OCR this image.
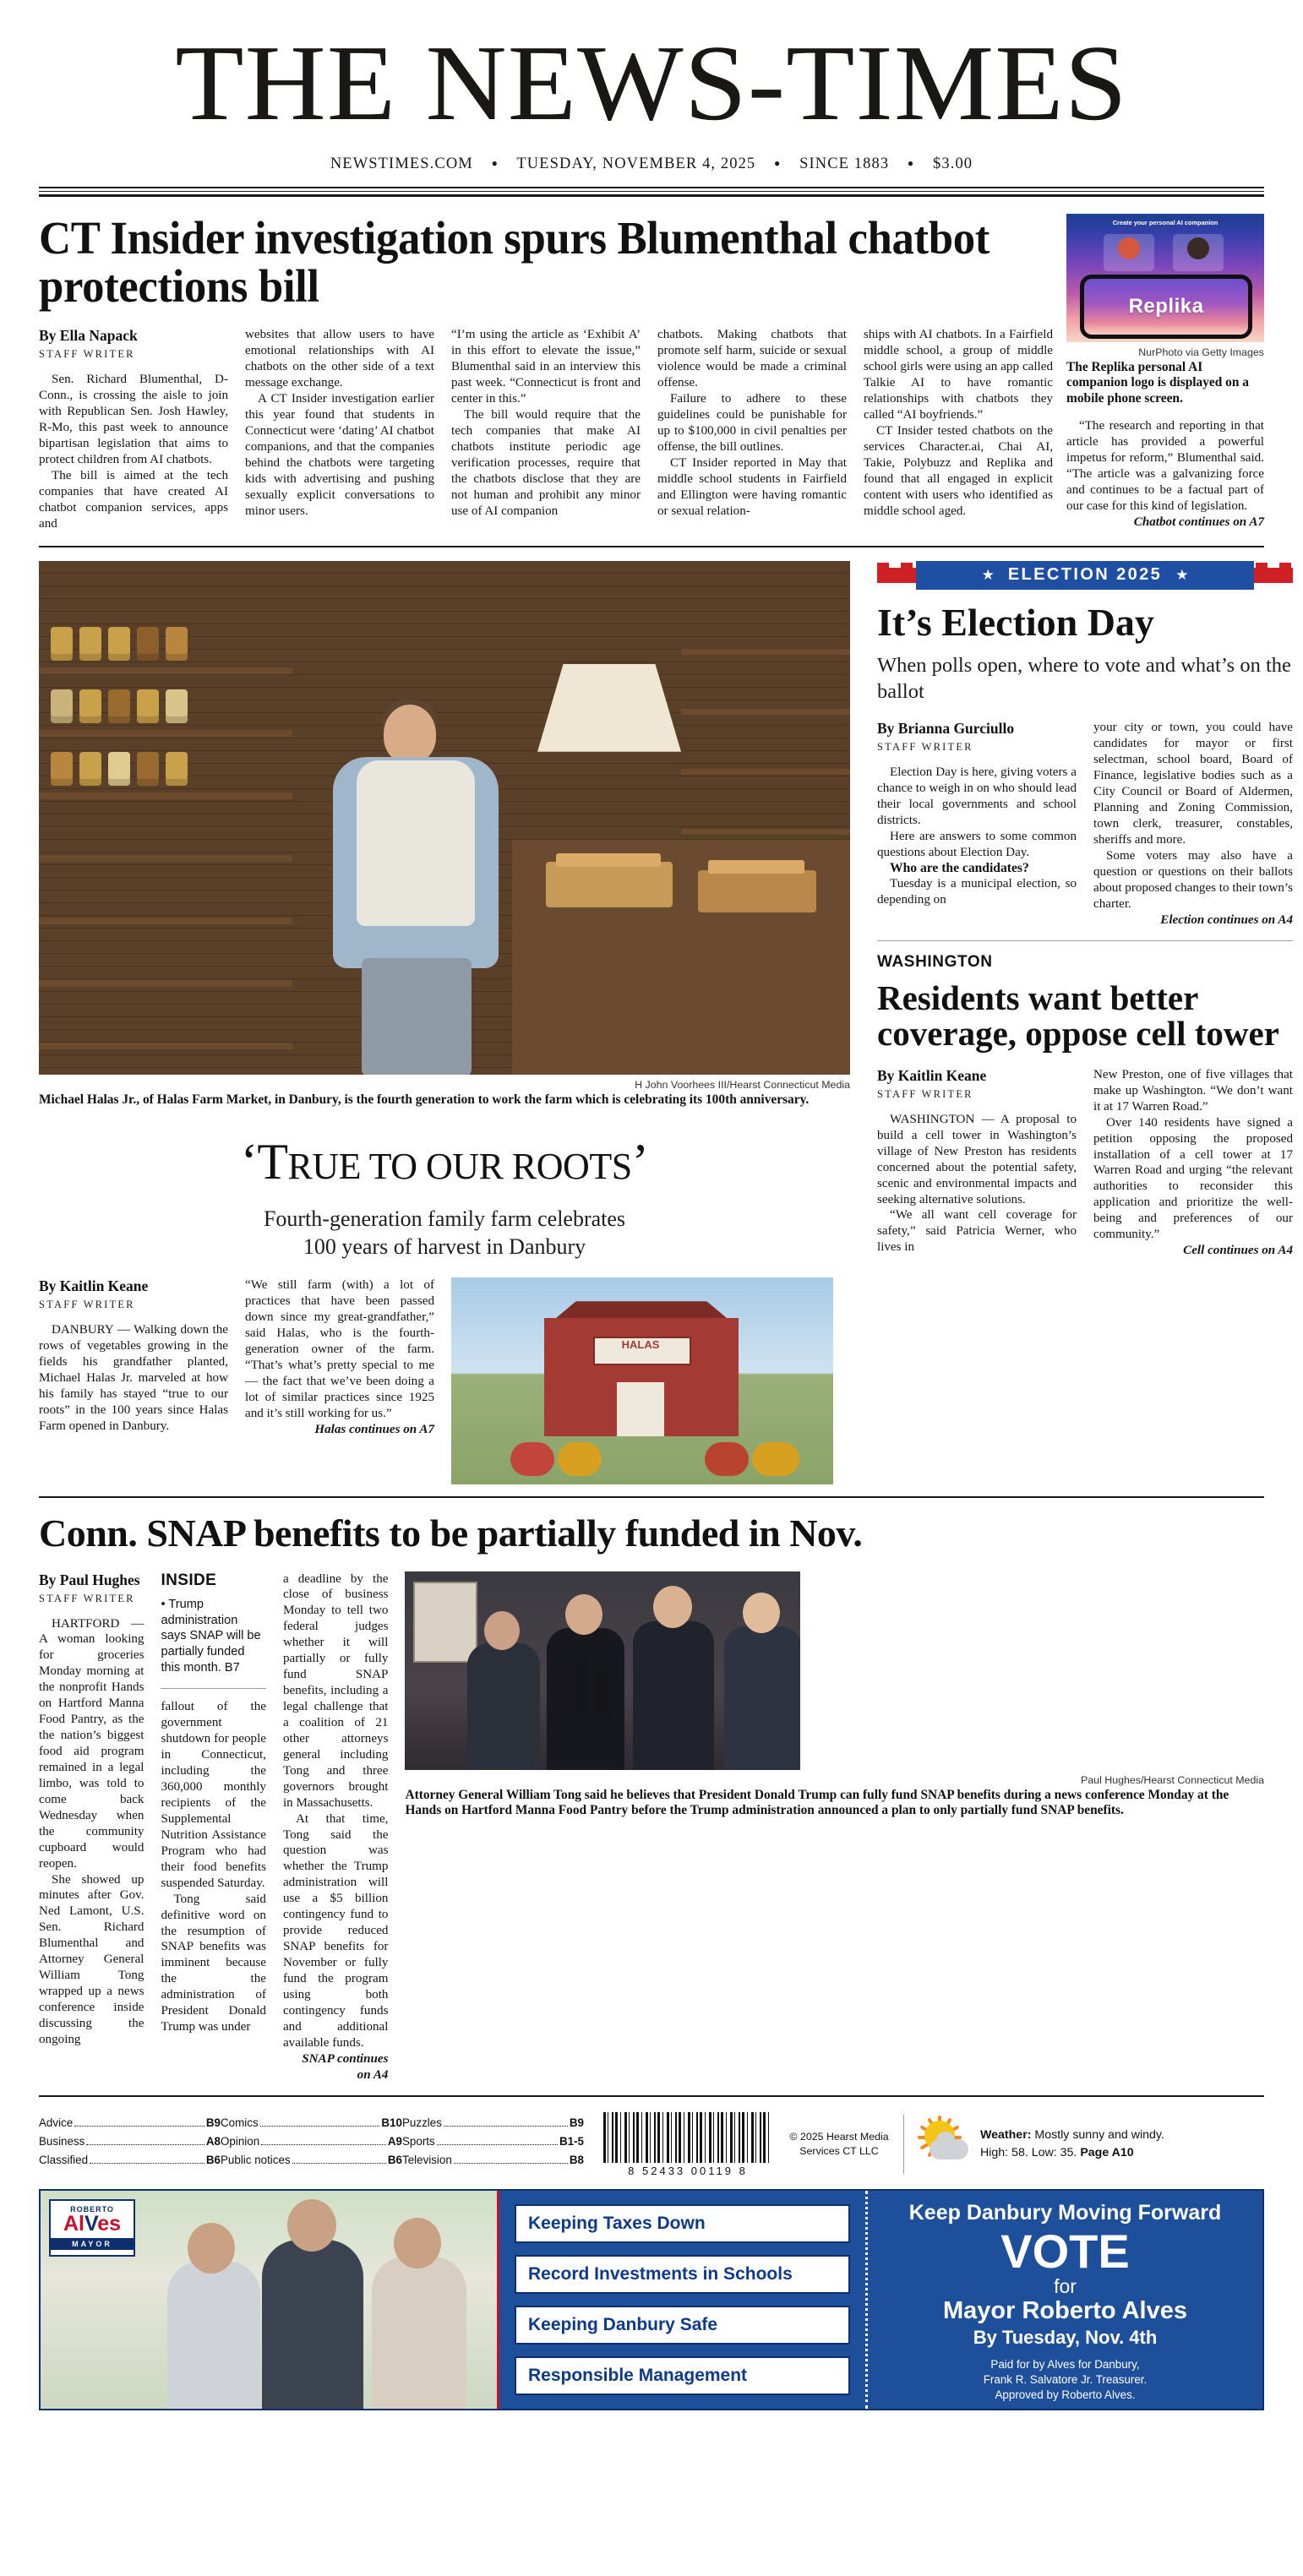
THE NEWS-TIMES
NEWSTIMES.COM ● TUESDAY, NOVEMBER 4, 2025 ● SINCE 1883 ● $3.00
CT Insider investigation spurs Blumenthal chatbot protections bill
By Ella Napack
STAFF WRITER

Sen. Richard Blumenthal, D-Conn., is crossing the aisle to join with Republican Sen. Josh Hawley, R-Mo, this past week to announce bipartisan legislation that aims to protect children from AI chatbots.

The bill is aimed at the tech companies that have created AI chatbot companion services, apps and

websites that allow users to have emotional relationships with AI chatbots on the other side of a text message exchange.

A CT Insider investigation earlier this year found that students in Connecticut were ‘dating’ AI chatbot companions, and that the companies behind the chatbots were targeting kids with advertising and pushing sexually explicit conversations to minor users.

“I’m using the article as ‘Exhibit A’ in this effort to elevate the issue,” Blumenthal said in an interview this past week. “Connecticut is front and center in this.”

The bill would require that the tech companies that make AI chatbots institute periodic age verification processes, require that the chatbots disclose that they are not human and prohibit any minor use of AI companion

chatbots. Making chatbots that promote self harm, suicide or sexual violence would be made a criminal offense.

Failure to adhere to these guidelines could be punishable for up to $100,000 in civil penalties per offense, the bill outlines.

CT Insider reported in May that middle school students in Fairfield and Ellington were having romantic or sexual relation-

ships with AI chatbots. In a Fairfield middle school, a group of middle school girls were using an app called Talkie AI to have romantic relationships with chatbots they called “AI boyfriends.”

CT Insider tested chatbots on the services Character.ai, Chai AI, Takie, Polybuzz and Replika and found that all engaged in explicit content with users who identified as middle school aged.

Create your personal AI companion
Replika
NurPhoto via Getty Images
The Replika personal AI companion logo is displayed on a mobile phone screen.

“The research and reporting in that article has provided a powerful impetus for reform,” Blumenthal said. “The article was a galvanizing force and continues to be a factual part of our case for this kind of legislation.

Chatbot continues on A7

H John Voorhees III/Hearst Connecticut Media
Michael Halas Jr., of Halas Farm Market, in Danbury, is the fourth generation to work the farm which is celebrating its 100th anniversary.
‘TRUE TO OUR ROOTS’
Fourth-generation family farm celebrates
100 years of harvest in Danbury
By Kaitlin Keane
STAFF WRITER

DANBURY — Walking down the rows of vegetables growing in the fields his grandfather planted, Michael Halas Jr. marveled at how his family has stayed “true to our roots” in the 100 years since Halas Farm opened in Danbury.

“We still farm (with) a lot of practices that have been passed down since my great-grandfather,” said Halas, who is the fourth-generation owner of the farm. “That’s what’s pretty special to me — the fact that we’ve been doing a lot of similar practices since 1925 and it’s still working for us.”

Halas continues on A7

HALAS
★ ELECTION 2025 ★
It’s Election Day
When polls open, where to vote and what’s on the ballot
By Brianna Gurciullo
STAFF WRITER

Election Day is here, giving voters a chance to weigh in on who should lead their local governments and school districts.

Here are answers to some common questions about Election Day.

Who are the candidates?

Tuesday is a municipal election, so depending on

your city or town, you could have candidates for mayor or first selectman, school board, Board of Finance, legislative bodies such as a City Council or Board of Aldermen, Planning and Zoning Commission, town clerk, treasurer, constables, sheriffs and more.

Some voters may also have a question or questions on their ballots about proposed changes to their town’s charter.

Election continues on A4

WASHINGTON
Residents want better coverage, oppose cell tower
By Kaitlin Keane
STAFF WRITER

WASHINGTON — A proposal to build a cell tower in Washington’s village of New Preston has residents concerned about the potential safety, scenic and environmental impacts and seeking alternative solutions.

“We all want cell coverage for safety,” said Patricia Werner, who lives in

New Preston, one of five villages that make up Washington. “We don’t want it at 17 Warren Road.”

Over 140 residents have signed a petition opposing the proposed installation of a cell tower at 17 Warren Road and urging “the relevant authorities to reconsider this application and prioritize the well-being and preferences of our community.”

Cell continues on A4

Conn. SNAP benefits to be partially funded in Nov.
By Paul Hughes
STAFF WRITER

HARTFORD — A woman looking for groceries Monday morning at the nonprofit Hands on Hartford Manna Food Pantry, as the the nation’s biggest food aid program remained in a legal limbo, was told to come back Wednesday when the community cupboard would reopen.

She showed up minutes after Gov. Ned Lamont, U.S. Sen. Richard Blumenthal and Attorney General William Tong wrapped up a news conference inside discussing the ongoing

INSIDE
• Trump administration says SNAP will be partially funded this month. B7

fallout of the government shutdown for people in Connecticut, including the 360,000 monthly recipients of the Supplemental Nutrition Assistance Program who had their food benefits suspended Saturday.

Tong said definitive word on the resumption of SNAP benefits was imminent because the the administration of President Donald Trump was under

a deadline by the close of business Monday to tell two federal judges whether it will partially or fully fund SNAP benefits, including a legal challenge that a coalition of 21 other attorneys general including Tong and three governors brought in Massachusetts.

At that time, Tong said the question was whether the Trump administration will use a $5 billion contingency fund to provide reduced SNAP benefits for November or fully fund the program using both contingency funds and additional available funds.

SNAP continues on A4

Paul Hughes/Hearst Connecticut Media
Attorney General William Tong said he believes that President Donald Trump can fully fund SNAP benefits during a news conference Monday at the Hands on Hartford Manna Food Pantry before the Trump administration announced a plan to only partially fund SNAP benefits.
Advice	B9
Business	A8
Classified	B6
Comics	B10
Opinion	A9
Public notices	B6
Puzzles	B9
Sports	B1-5
Television	B8
8 52433 00119 8
© 2025 Hearst Media Services CT LLC
Weather: Mostly sunny and windy.
High: 58. Low: 35. Page A10
ROBERTO
AlVes
MAYOR
Keeping Taxes Down
Record Investments in Schools
Keeping Danbury Safe
Responsible Management
Keep Danbury Moving Forward
VOTE
for
Mayor Roberto Alves
By Tuesday, Nov. 4th
Paid for by Alves for Danbury,
Frank R. Salvatore Jr. Treasurer.
Approved by Roberto Alves.
